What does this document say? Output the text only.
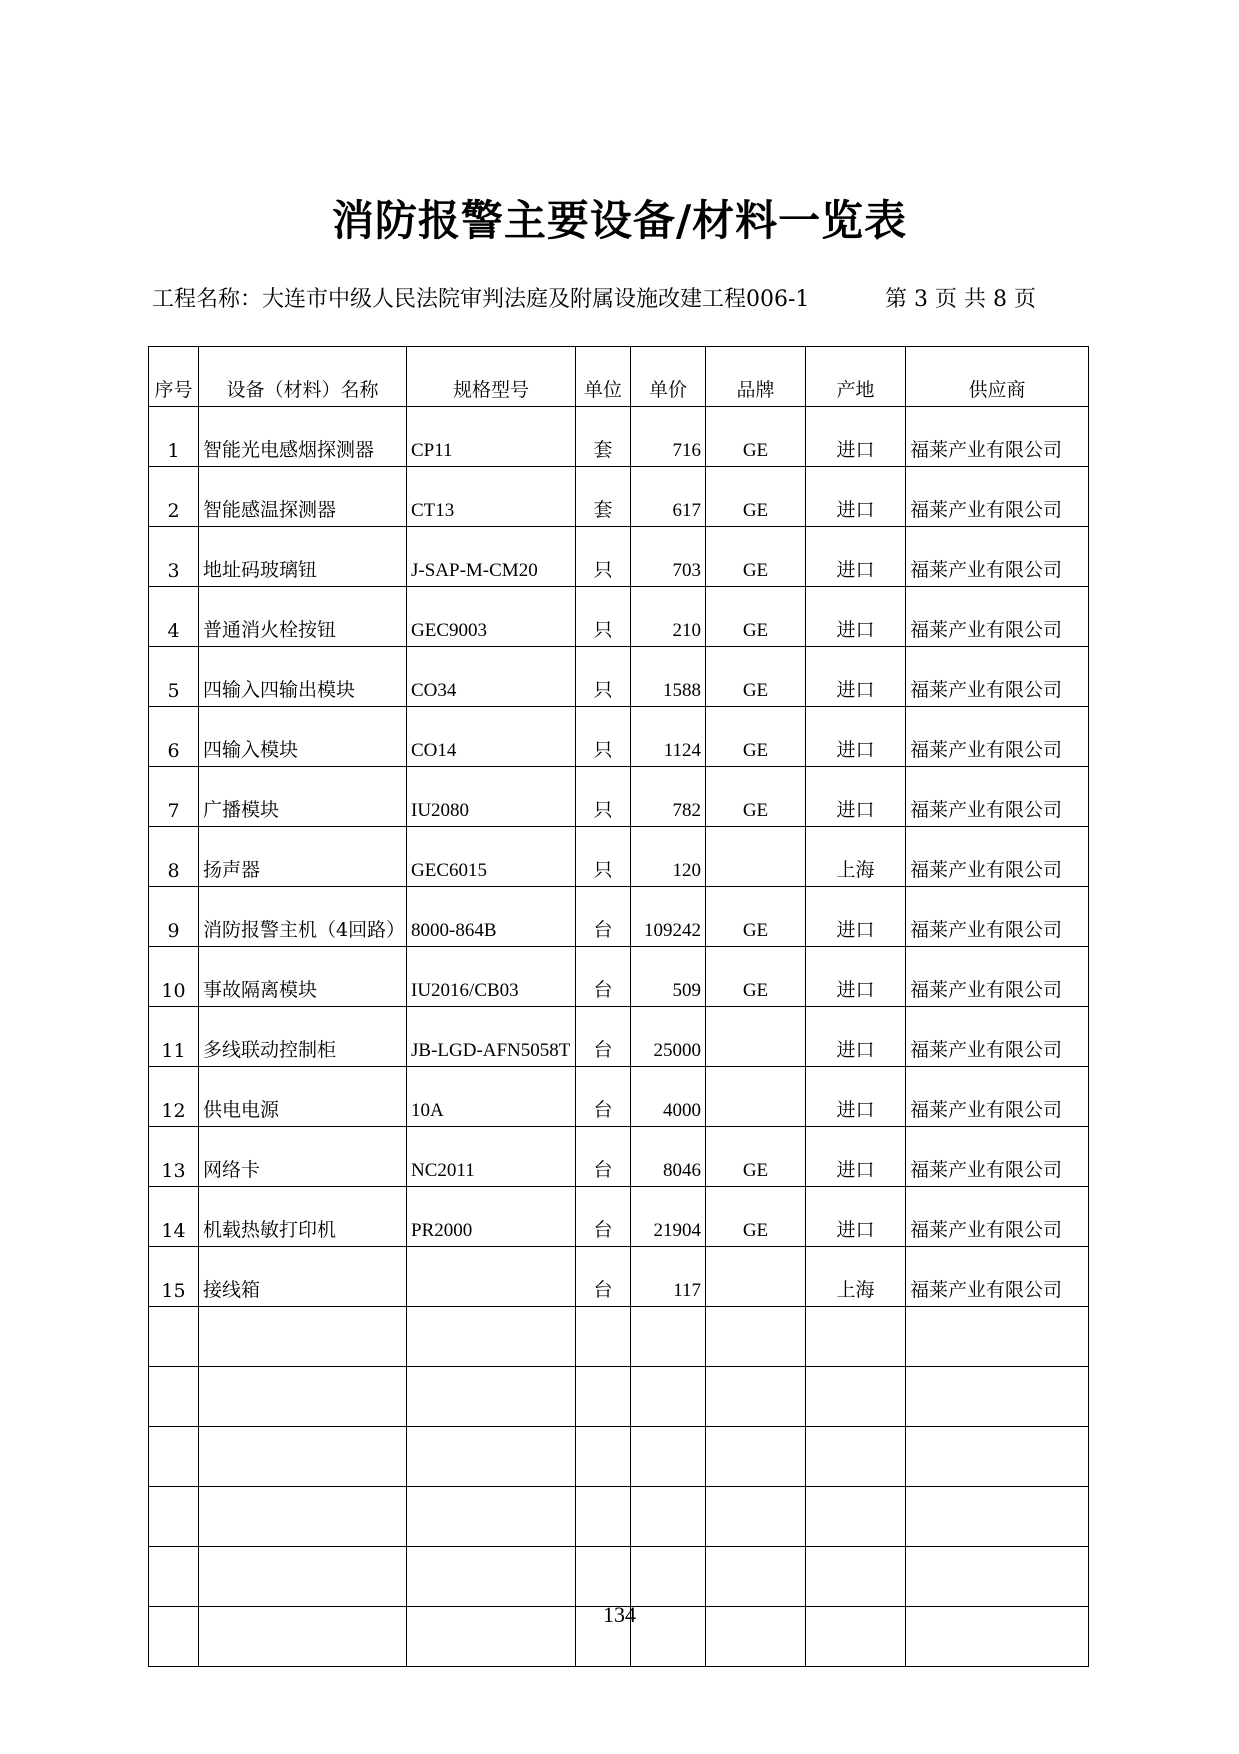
消防报警主要设备/材料一览表
工程名称：大连市中级人民法院审判法庭及附属设施改建工程006-1	第 3 页 共 8 页
序号	设备（材料）名称	规格型号	单位	单价	品牌	产地	供应商
1	智能光电感烟探测器	CP11	套	716	GE	进口	福莱产业有限公司
2	智能感温探测器	CT13	套	617	GE	进口	福莱产业有限公司
3	地址码玻璃钮	J-SAP-M-CM20	只	703	GE	进口	福莱产业有限公司
4	普通消火栓按钮	GEC9003	只	210	GE	进口	福莱产业有限公司
5	四输入四输出模块	CO34	只	1588	GE	进口	福莱产业有限公司
6	四输入模块	CO14	只	1124	GE	进口	福莱产业有限公司
7	广播模块	IU2080	只	782	GE	进口	福莱产业有限公司
8	扬声器	GEC6015	只	120		上海	福莱产业有限公司
9	消防报警主机（4回路）	8000-864B	台	109242	GE	进口	福莱产业有限公司
10	事故隔离模块	IU2016/CB03	台	509	GE	进口	福莱产业有限公司
11	多线联动控制柜	JB-LGD-AFN5058T	台	25000		进口	福莱产业有限公司
12	供电电源	10A	台	4000		进口	福莱产业有限公司
13	网络卡	NC2011	台	8046	GE	进口	福莱产业有限公司
14	机载热敏打印机	PR2000	台	21904	GE	进口	福莱产业有限公司
15	接线箱		台	117		上海	福莱产业有限公司

134
